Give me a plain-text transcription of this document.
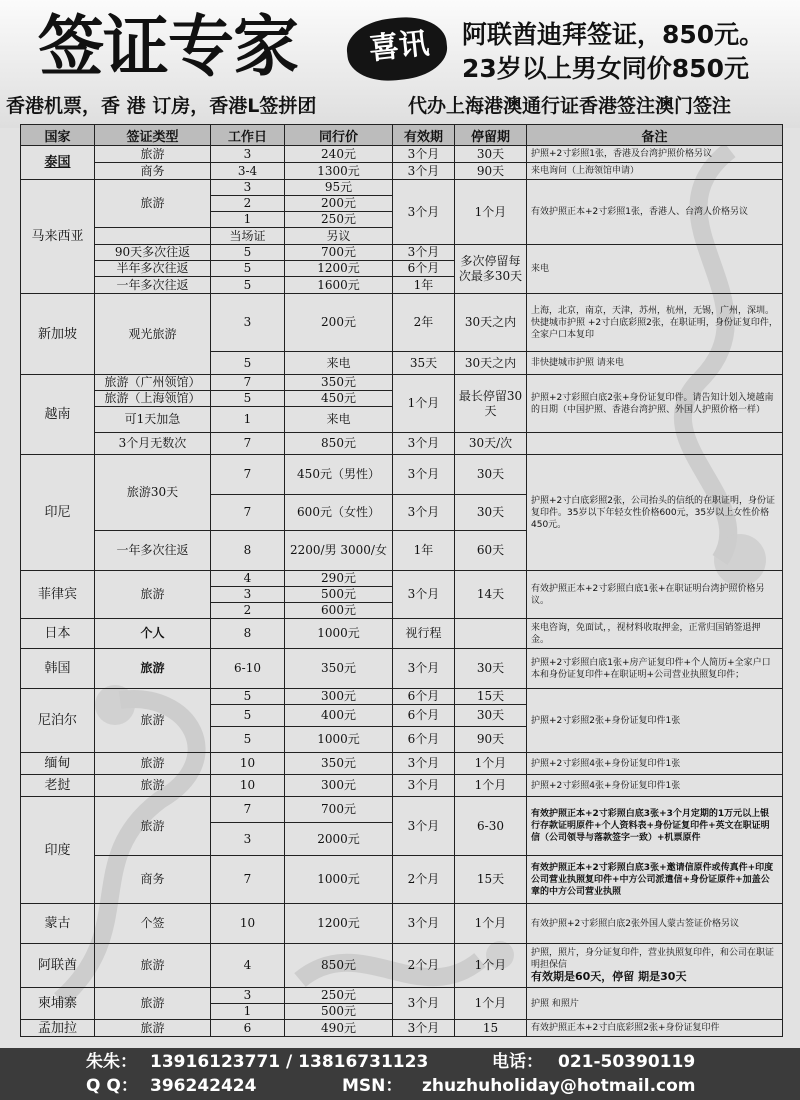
签证专家	喜讯	阿联酋迪拜签证，850元。
23岁以上男女同价850元
香港机票，香 港 订房，香港L签拼团	代办上海港澳通行证香港签注澳门签注
国家	签证类型	工作日	同行价	有效期	停留期	备注
泰国	旅游	3	240元	3个月	30天	护照+2寸彩照1张，香港及台湾护照价格另议
	商务	3-4	1300元	3个月	90天	来电询问（上海领馆申请）
马来西亚	旅游	3	95元	3个月	1个月	有效护照正本+2寸彩照1张，香港人、台湾人价格另议
		2	200元			
		1	250元			
		当场证	另议			
	90天多次往返	5	700元	3个月	多次停留每次最多30天	来电
	半年多次往返	5	1200元	6个月		
	一年多次往返	5	1600元	1年		
新加坡	观光旅游	3	200元	2年	30天之内	上海，北京，南京，天津，苏州，杭州，无锡，广州，深圳。快捷城市护照 +2寸白底彩照2张，在职证明，身份证复印件，全家户口本复印
		5	来电	35天	30天之内	非快捷城市护照 请来电
越南	旅游（广州领馆）	7	350元	1个月	最长停留30天	护照+2寸彩照白底2张+身份证复印件。请告知计划入境越南的日期（中国护照、香港台湾护照、外国人护照价格一样）
	旅游（上海领馆）	5	450元			
	可1天加急	1	来电			
	3个月无数次	7	850元	3个月	30天/次	
印尼	旅游30天	7	450元（男性）	3个月	30天	护照+2寸白底彩照2张，公司抬头的信纸的在职证明，身份证复印件。35岁以下年轻女性价格600元，35岁以上女性价格450元。
		7	600元（女性）	3个月	30天	
	一年多次往返	8	2200/男 3000/女	1年	60天	
菲律宾	旅游	4	290元	3个月	14天	有效护照正本+2寸彩照白底1张+在职证明台湾护照价格另议。
		3	500元			
		2	600元			
日本	个人	8	1000元	视行程		来电咨询，免面试，，视材料收取押金，正常归国销签退押金。
韩国	旅游	6-10	350元	3个月	30天	护照+2寸彩照白底1张+房产证复印件+个人简历+全家户口本和身份证复印件+在职证明+公司营业执照复印件；
尼泊尔	旅游	5	300元	6个月	15天	护照+2寸彩照2张+身份证复印件1张
		5	400元	6个月	30天	
		5	1000元	6个月	90天	
缅甸	旅游	10	350元	3个月	1个月	护照+2寸彩照4张+身份证复印件1张
老挝	旅游	10	300元	3个月	1个月	护照+2寸彩照4张+身份证复印件1张
印度	旅游	7	700元	3个月	6-30	有效护照正本+2寸彩照白底3张+3个月定期的1万元以上银行存款证明原件+个人资料表+身份证复印件+英文在职证明信（公司领导与落款签字一致）+机票原件
		3	2000元			
	商务	7	1000元	2个月	15天	有效护照正本+2寸彩照白底3张+邀请信原件或传真件+印度公司营业执照复印件+中方公司派遣信+身份证原件+加盖公章的中方公司营业执照
蒙古	个签	10	1200元	3个月	1个月	有效护照+2寸彩照白底2张外国人蒙古签证价格另议
阿联酋	旅游	4	850元	2个月	1个月	护照，照片，身分证复印件，营业执照复印件，和公司在职证明担保信
有效期是60天，停留 期是30天
柬埔寨	旅游	3	250元	3个月	1个月	护照 和照片
		1	500元			
孟加拉	旅游	6	490元	3个月	15	有效护照正本+2寸白底彩照2张+身份证复印件
朱朱： 13916123771 / 13816731123	电话： 021-50390119
Q Q： 396242424	MSN： zhuzhuholiday@hotmail.com
